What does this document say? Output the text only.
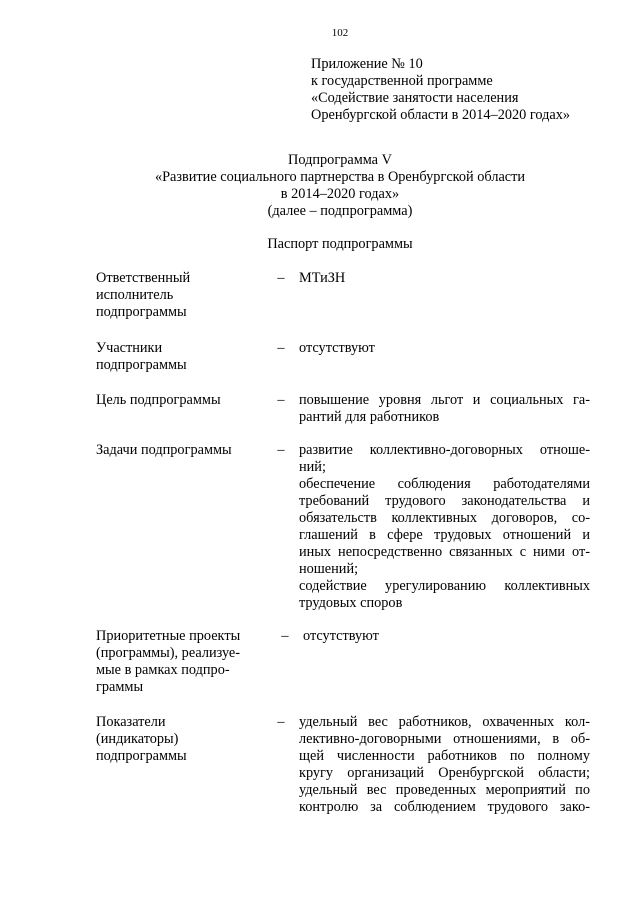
102
Приложение № 10
к государственной программе
«Содействие занятости населения
Оренбургской области в 2014–2020 годах»
Подпрограмма V
«Развитие социального партнерства в Оренбургской области
в 2014–2020 годах»
(далее – подпрограмма)
Паспорт подпрограммы
Ответственный
исполнитель
подпрограммы
– МТиЗН
Участники
подпрограммы
– отсутствуют
Цель подпрограммы	– повышение уровня льгот и социальных га-
рантий для работников
Задачи подпрограммы	– развитие коллективно-договорных отноше-
ний;
обеспечение соблюдения работодателями
требований трудового законодательства и
обязательств коллективных договоров, со-
глашений в сфере трудовых отношений и
иных непосредственно связанных с ними от-
ношений;
содействие урегулированию коллективных
трудовых споров
Приоритетные проекты
(программы), реализуе-
мые в рамках подпро-
граммы
– отсутствуют
Показатели
(индикаторы)
подпрограммы
– удельный вес работников, охваченных кол-
лективно-договорными отношениями, в об-
щей численности работников по полному
кругу организаций Оренбургской области;
удельный вес проведенных мероприятий по
контролю за соблюдением трудового зако-
